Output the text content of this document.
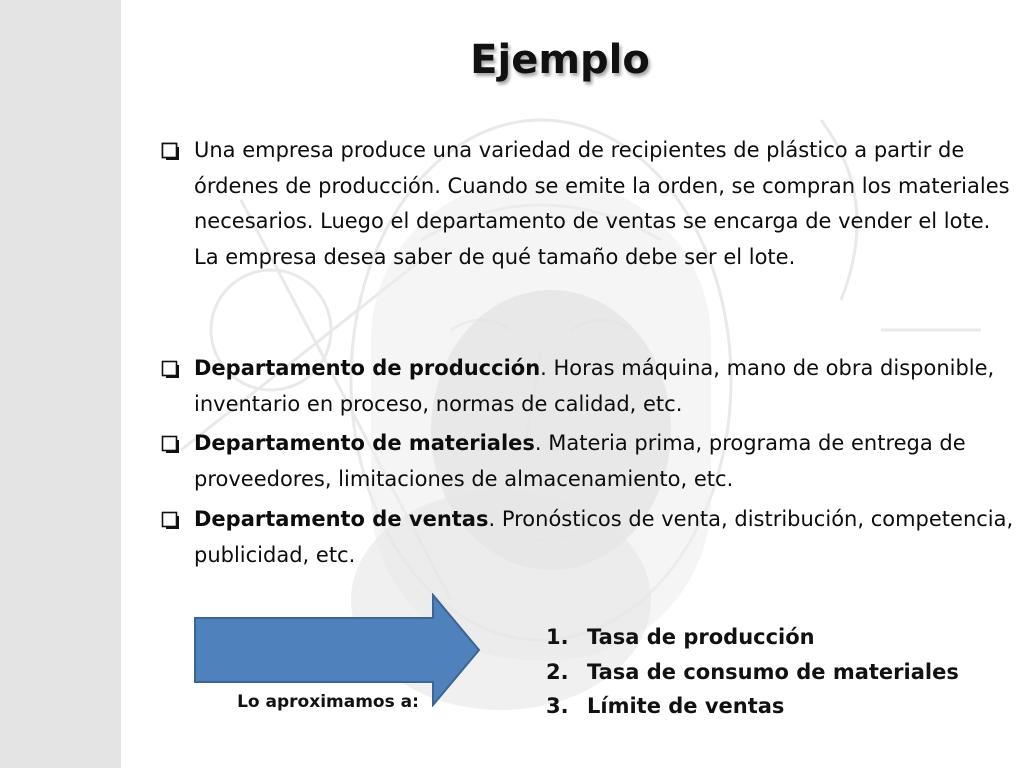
Ejemplo
Una empresa produce una variedad de recipientes de plástico a partir de órdenes de producción. Cuando se emite la orden, se compran los materiales necesarios. Luego el departamento de ventas se encarga de vender el lote. La empresa desea saber de qué tamaño debe ser el lote.
Departamento de producción. Horas máquina, mano de obra disponible, inventario en proceso, normas de calidad, etc.
Departamento de materiales. Materia prima, programa de entrega de proveedores, limitaciones de almacenamiento, etc.
Departamento de ventas. Pronósticos de venta, distribución, competencia, publicidad, etc.
Lo aproximamos a:
1. Tasa de producción
2. Tasa de consumo de materiales
3. Límite de ventas
